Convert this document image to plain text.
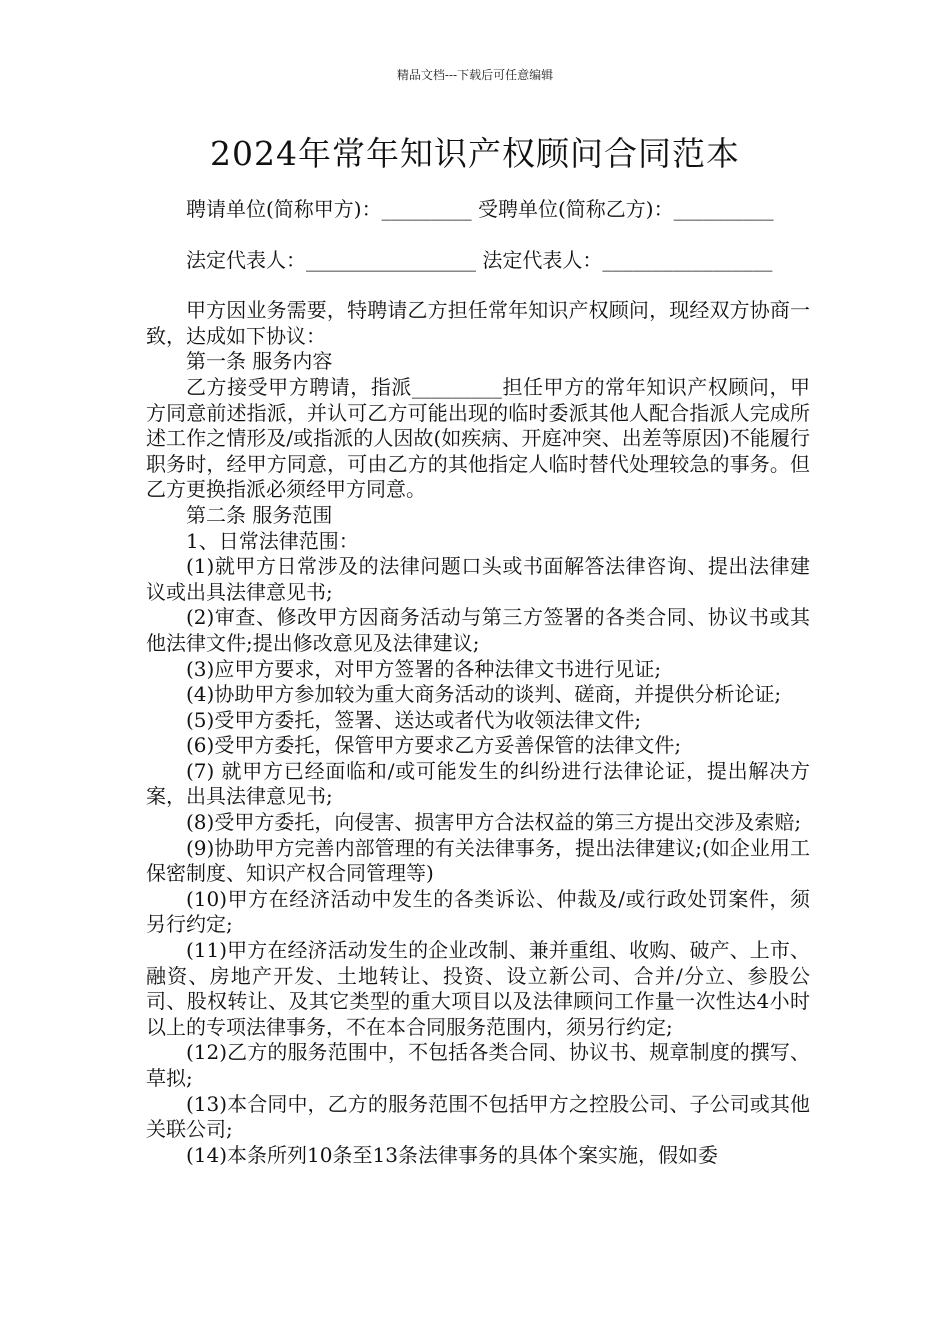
精品文档---下载后可任意编辑
2024年常年知识产权顾问合同范本

聘请单位(简称甲方)：_________ 受聘单位(简称乙方)：__________

法定代表人：_________________ 法定代表人：_________________

甲方因业务需要，特聘请乙方担任常年知识产权顾问，现经双方协商一致，达成如下协议：

第一条 服务内容

乙方接受甲方聘请，指派_________担任甲方的常年知识产权顾问，甲方同意前述指派，并认可乙方可能出现的临时委派其他人配合指派人完成所述工作之情形及/或指派的人因故(如疾病、开庭冲突、出差等原因)不能履行职务时，经甲方同意，可由乙方的其他指定人临时替代处理较急的事务。但乙方更换指派必须经甲方同意。

第二条 服务范围

1、日常法律范围：

(1)就甲方日常涉及的法律问题口头或书面解答法律咨询、提出法律建议或出具法律意见书;

(2)审查、修改甲方因商务活动与第三方签署的各类合同、协议书或其他法律文件;提出修改意见及法律建议;

(3)应甲方要求，对甲方签署的各种法律文书进行见证;

(4)协助甲方参加较为重大商务活动的谈判、磋商，并提供分析论证;

(5)受甲方委托，签署、送达或者代为收领法律文件;

(6)受甲方委托，保管甲方要求乙方妥善保管的法律文件;

(7) 就甲方已经面临和/或可能发生的纠纷进行法律论证，提出解决方案，出具法律意见书;

(8)受甲方委托，向侵害、损害甲方合法权益的第三方提出交涉及索赔;

(9)协助甲方完善内部管理的有关法律事务，提出法律建议;(如企业用工保密制度、知识产权合同管理等)

(10)甲方在经济活动中发生的各类诉讼、仲裁及/或行政处罚案件，须另行约定;

(11)甲方在经济活动发生的企业改制、兼并重组、收购、破产、上市、融资、房地产开发、土地转让、投资、设立新公司、合并/分立、参股公司、股权转让、及其它类型的重大项目以及法律顾问工作量一次性达4小时以上的专项法律事务，不在本合同服务范围内，须另行约定;

(12)乙方的服务范围中，不包括各类合同、协议书、规章制度的撰写、草拟;

(13)本合同中，乙方的服务范围不包括甲方之控股公司、子公司或其他关联公司;

(14)本条所列10条至13条法律事务的具体个案实施，假如委
